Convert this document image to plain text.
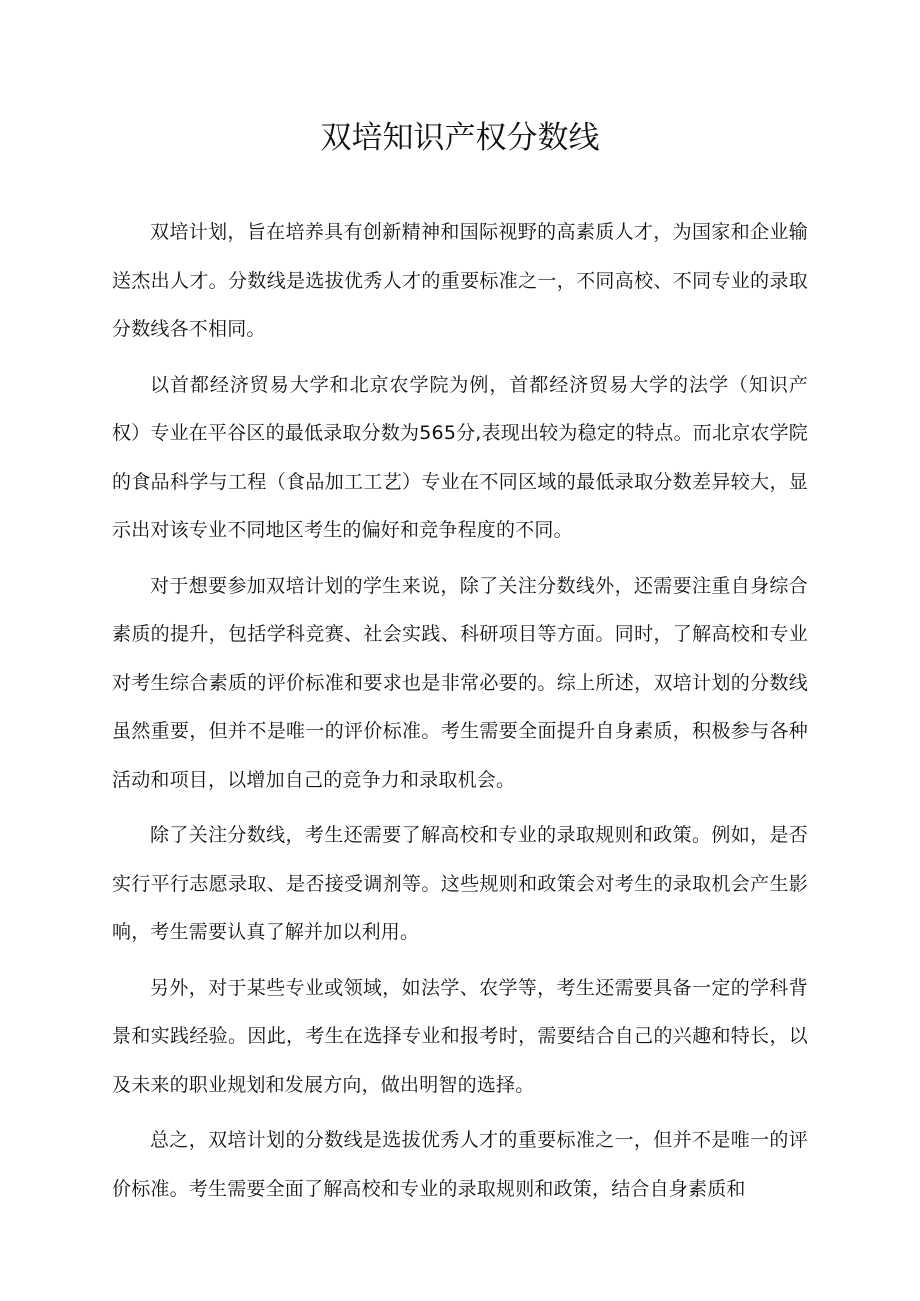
双培知识产权分数线

双培计划，旨在培养具有创新精神和国际视野的高素质人才，为国家和企业输送杰出人才。分数线是选拔优秀人才的重要标准之一，不同高校、不同专业的录取分数线各不相同。

以首都经济贸易大学和北京农学院为例，首都经济贸易大学的法学（知识产权）专业在平谷区的最低录取分数为565分,表现出较为稳定的特点。而北京农学院的食品科学与工程（食品加工工艺）专业在不同区域的最低录取分数差异较大，显示出对该专业不同地区考生的偏好和竞争程度的不同。

对于想要参加双培计划的学生来说，除了关注分数线外，还需要注重自身综合素质的提升，包括学科竞赛、社会实践、科研项目等方面。同时，了解高校和专业对考生综合素质的评价标准和要求也是非常必要的。综上所述，双培计划的分数线虽然重要，但并不是唯一的评价标准。考生需要全面提升自身素质，积极参与各种活动和项目，以增加自己的竞争力和录取机会。

除了关注分数线，考生还需要了解高校和专业的录取规则和政策。例如，是否实行平行志愿录取、是否接受调剂等。这些规则和政策会对考生的录取机会产生影响，考生需要认真了解并加以利用。

另外，对于某些专业或领域，如法学、农学等，考生还需要具备一定的学科背景和实践经验。因此，考生在选择专业和报考时，需要结合自己的兴趣和特长，以及未来的职业规划和发展方向，做出明智的选择。

总之，双培计划的分数线是选拔优秀人才的重要标准之一，但并不是唯一的评价标准。考生需要全面了解高校和专业的录取规则和政策，结合自身素质和
